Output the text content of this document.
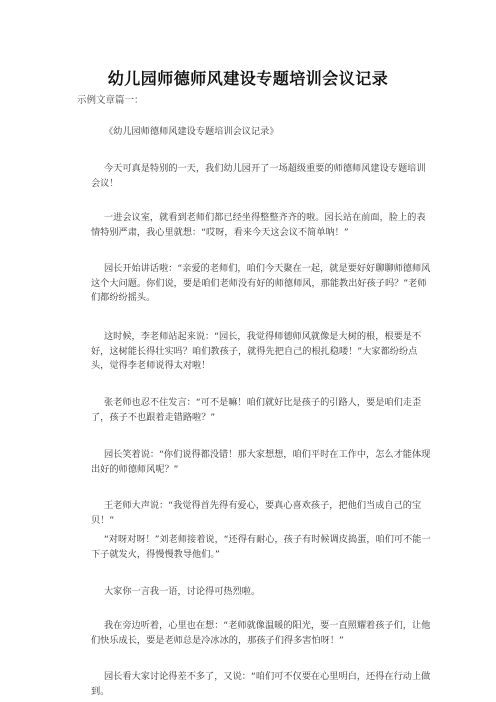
幼儿园师德师风建设专题培训会议记录
示例文章篇一：

《幼儿园师德师风建设专题培训会议记录》

今天可真是特别的一天，我们幼儿园开了一场超级重要的师德师风建设专题培训会议！

一进会议室，就看到老师们都已经坐得整整齐齐的啦。园长站在前面，脸上的表情特别严肃，我心里就想：“哎呀，看来今天这会议不简单呐！”

园长开始讲话啦：“亲爱的老师们，咱们今天聚在一起，就是要好好聊聊师德师风这个大问题。你们说，要是咱们老师没有好的师德师风，那能教出好孩子吗？”老师们都纷纷摇头。

这时候，李老师站起来说：“园长，我觉得师德师风就像是大树的根，根要是不好，这树能长得壮实吗？咱们教孩子，就得先把自己的根扎稳喽！”大家都纷纷点头，觉得李老师说得太对啦！

张老师也忍不住发言：“可不是嘛！咱们就好比是孩子的引路人，要是咱们走歪了，孩子不也跟着走错路啦？”

园长笑着说：“你们说得都没错！那大家想想，咱们平时在工作中，怎么才能体现出好的师德师风呢？”

王老师大声说：“我觉得首先得有爱心，要真心喜欢孩子，把他们当成自己的宝贝！”

“对呀对呀！”刘老师接着说，“还得有耐心，孩子有时候调皮捣蛋，咱们可不能一下子就发火，得慢慢教导他们。”

大家你一言我一语，讨论得可热烈啦。

我在旁边听着，心里也在想：“老师就像温暖的阳光，要一直照耀着孩子们，让他们快乐成长，要是老师总是冷冰冰的，那孩子们得多害怕呀！”

园长看大家讨论得差不多了，又说：“咱们可不仅要在心里明白，还得在行动上做到。
